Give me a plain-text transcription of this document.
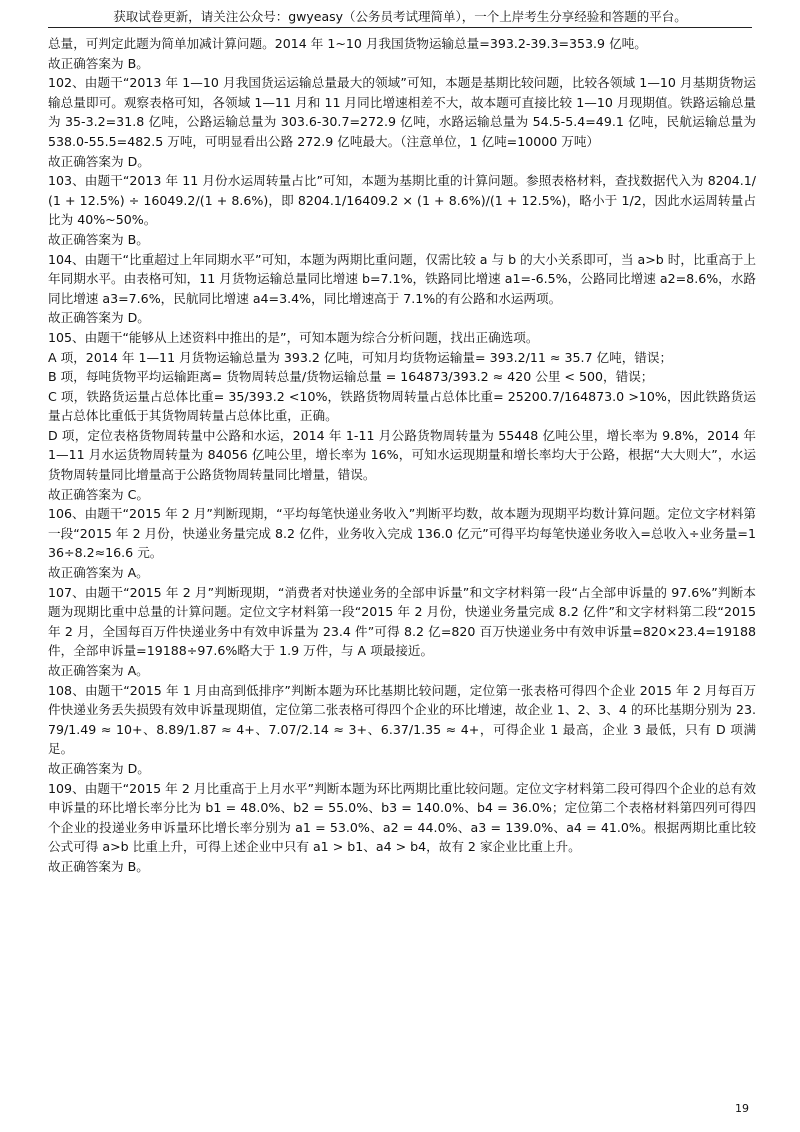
获取试卷更新，请关注公众号：gwyeasy（公务员考试理简单），一个上岸考生分享经验和答题的平台。

总量，可判定此题为简单加减计算问题。2014 年 1~10 月我国货物运输总量=393.2-39.3=353.9 亿吨。

故正确答案为 B。

102、由题干“2013 年 1—10 月我国货运运输总量最大的领域”可知，本题是基期比较问题，比较各领域 1—10 月基期货物运输总量即可。观察表格可知，各领域 1—11 月和 11 月同比增速相差不大，故本题可直接比较 1—10 月现期值。铁路运输总量为 35-3.2=31.8 亿吨，公路运输总量为 303.6-30.7=272.9 亿吨，水路运输总量为 54.5-5.4=49.1 亿吨，民航运输总量为 538.0-55.5=482.5 万吨，可明显看出公路 272.9 亿吨最大。（注意单位，1 亿吨=10000 万吨）

故正确答案为 D。

103、由题干“2013 年 11 月份水运周转量占比”可知，本题为基期比重的计算问题。参照表格材料，查找数据代入为 8204.1/(1 + 12.5%) ÷ 16049.2/(1 + 8.6%)，即 8204.1/16409.2 × (1 + 8.6%)/(1 + 12.5%)，略小于 1/2，因此水运周转量占比为 40%~50%。

故正确答案为 B。

104、由题干“比重超过上年同期水平”可知，本题为两期比重问题，仅需比较 a 与 b 的大小关系即可，当 a>b 时，比重高于上年同期水平。由表格可知，11 月货物运输总量同比增速 b=7.1%，铁路同比增速 a1=-6.5%，公路同比增速 a2=8.6%，水路同比增速 a3=7.6%，民航同比增速 a4=3.4%，同比增速高于 7.1%的有公路和水运两项。

故正确答案为 D。

105、由题干“能够从上述资料中推出的是”，可知本题为综合分析问题，找出正确选项。

A 项，2014 年 1—11 月货物运输总量为 393.2 亿吨，可知月均货物运输量= 393.2/11 ≈ 35.7 亿吨，错误；

B 项，每吨货物平均运输距离= 货物周转总量/货物运输总量 = 164873/393.2 ≈ 420 公里 < 500，错误；

C 项，铁路货运量占总体比重= 35/393.2 <10%，铁路货物周转量占总体比重= 25200.7/164873.0 >10%，因此铁路货运量占总体比重低于其货物周转量占总体比重，正确。

D 项，定位表格货物周转量中公路和水运，2014 年 1-11 月公路货物周转量为 55448 亿吨公里，增长率为 9.8%，2014 年 1—11 月水运货物周转量为 84056 亿吨公里，增长率为 16%，可知水运现期量和增长率均大于公路，根据“大大则大”，水运货物周转量同比增量高于公路货物周转量同比增量，错误。

故正确答案为 C。

106、由题干“2015 年 2 月”判断现期，“平均每笔快递业务收入”判断平均数，故本题为现期平均数计算问题。定位文字材料第一段“2015 年 2 月份，快递业务量完成 8.2 亿件，业务收入完成 136.0 亿元”可得平均每笔快递业务收入=总收入÷业务量=136÷8.2≈16.6 元。

故正确答案为 A。

107、由题干“2015 年 2 月”判断现期，“消费者对快递业务的全部申诉量”和文字材料第一段“占全部申诉量的 97.6%”判断本题为现期比重中总量的计算问题。定位文字材料第一段“2015 年 2 月份，快递业务量完成 8.2 亿件”和文字材料第二段“2015 年 2 月，全国每百万件快递业务中有效申诉量为 23.4 件”可得 8.2 亿=820 百万快递业务中有效申诉量=820×23.4=19188 件，全部申诉量=19188÷97.6%略大于 1.9 万件，与 A 项最接近。

故正确答案为 A。

108、由题干“2015 年 1 月由高到低排序”判断本题为环比基期比较问题，定位第一张表格可得四个企业 2015 年 2 月每百万件快递业务丢失损毁有效申诉量现期值，定位第二张表格可得四个企业的环比增速，故企业 1、2、3、4 的环比基期分别为 23.79/1.49 ≈ 10+、8.89/1.87 ≈ 4+、7.07/2.14 ≈ 3+、6.37/1.35 ≈ 4+，可得企业 1 最高，企业 3 最低，只有 D 项满足。

故正确答案为 D。

109、由题干“2015 年 2 月比重高于上月水平”判断本题为环比两期比重比较问题。定位文字材料第二段可得四个企业的总有效申诉量的环比增长率分比为 b1 = 48.0%、b2 = 55.0%、b3 = 140.0%、b4 = 36.0%；定位第二个表格材料第四列可得四个企业的投递业务申诉量环比增长率分别为 a1 = 53.0%、a2 = 44.0%、a3 = 139.0%、a4 = 41.0%。根据两期比重比较公式可得 a>b 比重上升，可得上述企业中只有 a1 > b1、a4 > b4，故有 2 家企业比重上升。

故正确答案为 B。

19
